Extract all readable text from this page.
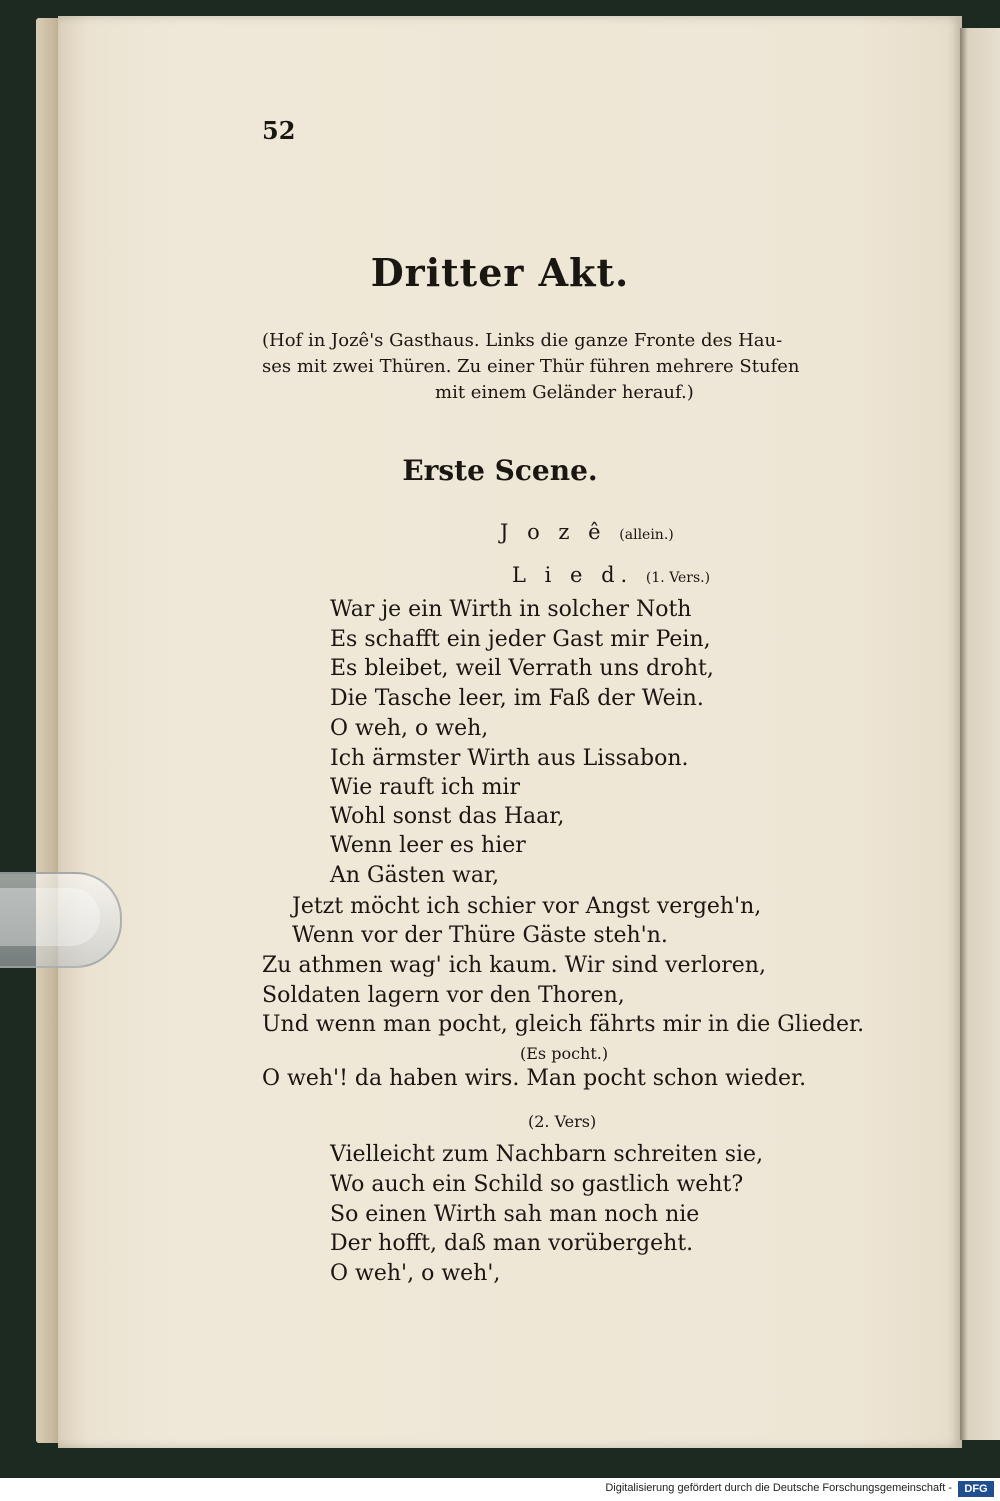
52
Dritter Akt.
(Hof in Jozê's Gasthaus. Links die ganze Fronte des Hau-
ses mit zwei Thüren. Zu einer Thür führen mehrere Stufen
mit einem Geländer herauf.)
Erste Scene.
J o z ê (allein.)
L i e d. (1. Vers.)
War je ein Wirth in solcher Noth
Es schafft ein jeder Gast mir Pein,
Es bleibet, weil Verrath uns droht,
Die Tasche leer, im Faß der Wein.
O weh, o weh,
Ich ärmster Wirth aus Lissabon.
Wie rauft ich mir
Wohl sonst das Haar,
Wenn leer es hier
An Gästen war,
Jetzt möcht ich schier vor Angst vergeh'n,
Wenn vor der Thüre Gäste steh'n.
Zu athmen wag' ich kaum. Wir sind verloren,
Soldaten lagern vor den Thoren,
Und wenn man pocht, gleich fährts mir in die Glieder.
(Es pocht.)
O weh'! da haben wirs. Man pocht schon wieder.
(2. Vers)
Vielleicht zum Nachbarn schreiten sie,
Wo auch ein Schild so gastlich weht?
So einen Wirth sah man noch nie
Der hofft, daß man vorübergeht.
O weh', o weh',
Digitalisierung gefördert durch die Deutsche Forschungsgemeinschaft -	DFG
